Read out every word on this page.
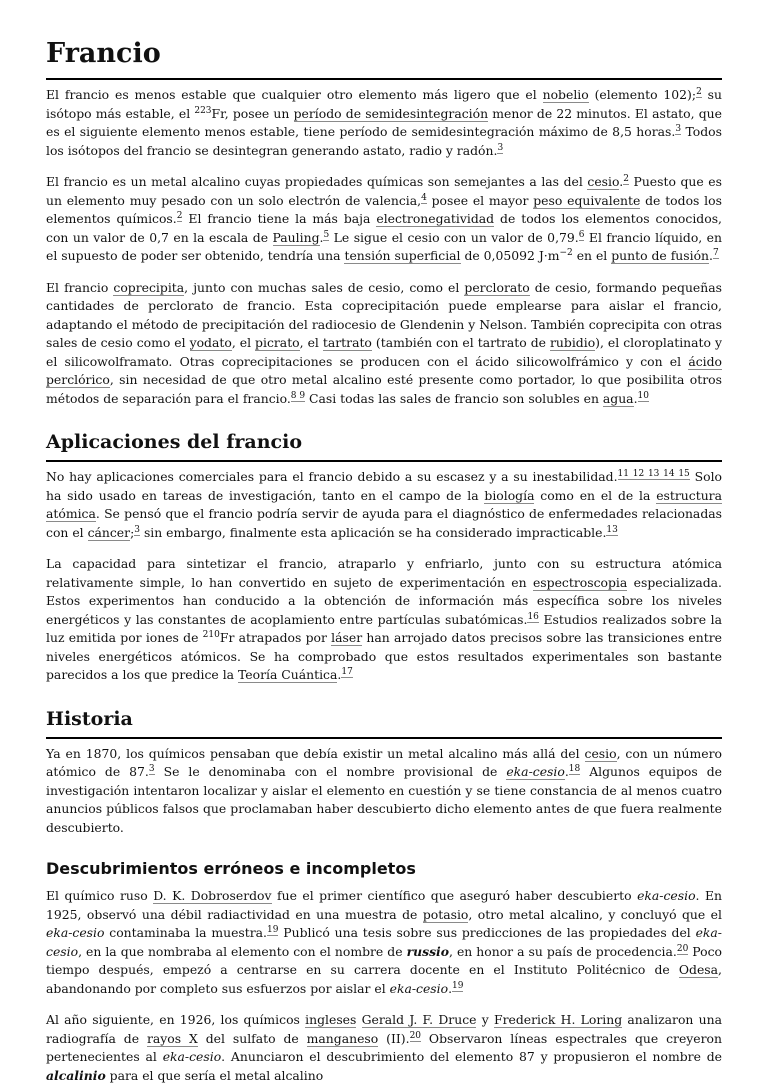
Francio

El francio es menos estable que cualquier otro elemento más ligero que el nobelio (elemento 102);$^2$ su isótopo más estable, el $^{223}$Fr, posee un período de semidesintegración menor de 22 minutos. El astato, que es el siguiente elemento menos estable, tiene período de semidesintegración máximo de 8,5 horas.$^3$ Todos los isótopos del francio se desintegran generando astato, radio y radón.$^3$

El francio es un metal alcalino cuyas propiedades químicas son semejantes a las del cesio.$^2$ Puesto que es un elemento muy pesado con un solo electrón de valencia,$^4$ posee el mayor peso equivalente de todos los elementos químicos.$^2$ El francio tiene la más baja electronegatividad de todos los elementos conocidos, con un valor de 0,7 en la escala de Pauling.$^5$ Le sigue el cesio con un valor de 0,79.$^6$ El francio líquido, en el supuesto de poder ser obtenido, tendría una tensión superficial de 0,05092 $J\cdot m^{-2}$ en el punto de fusión.$^7$

El francio coprecipita, junto con muchas sales de cesio, como el perclorato de cesio, formando pequeñas cantidades de perclorato de francio. Esta coprecipitación puede emplearse para aislar el francio, adaptando el método de precipitación del radiocesio de Glendenin y Nelson. También coprecipita con otras sales de cesio como el yodato, el picrato, el tartrato (también con el tartrato de rubidio), el cloroplatinato y el silicowolframato. Otras coprecipitaciones se producen con el ácido silicowolfrámico y con el ácido perclórico, sin necesidad de que otro metal alcalino esté presente como portador, lo que posibilita otros métodos de separación para el francio.$^{8 9}$ Casi todas las sales de francio son solubles en agua.$^{10}$

Aplicaciones del francio

No hay aplicaciones comerciales para el francio debido a su escasez y a su inestabilidad.$^{11 12 13 14 15}$ Solo ha sido usado en tareas de investigación, tanto en el campo de la biología como en el de la estructura atómica. Se pensó que el francio podría servir de ayuda para el diagnóstico de enfermedades relacionadas con el cáncer;$^3$ sin embargo, finalmente esta aplicación se ha considerado impracticable.$^{13}$

La capacidad para sintetizar el francio, atraparlo y enfriarlo, junto con su estructura atómica relativamente simple, lo han convertido en sujeto de experimentación en espectroscopia especializada. Estos experimentos han conducido a la obtención de información más específica sobre los niveles energéticos y las constantes de acoplamiento entre partículas subatómicas.$^{16}$ Estudios realizados sobre la luz emitida por iones de $^{210}$Fr atrapados por láser han arrojado datos precisos sobre las transiciones entre niveles energéticos atómicos. Se ha comprobado que estos resultados experimentales son bastante parecidos a los que predice la Teoría Cuántica.$^{17}$

Historia

Ya en 1870, los químicos pensaban que debía existir un metal alcalino más allá del cesio, con un número atómico de 87.$^3$ Se le denominaba con el nombre provisional de eka-cesio.$^{18}$ Algunos equipos de investigación intentaron localizar y aislar el elemento en cuestión y se tiene constancia de al menos cuatro anuncios públicos falsos que proclamaban haber descubierto dicho elemento antes de que fuera realmente descubierto.

Descubrimientos erróneos e incompletos

El químico ruso D. K. Dobroserdov fue el primer científico que aseguró haber descubierto eka-cesio. En 1925, observó una débil radiactividad en una muestra de potasio, otro metal alcalino, y concluyó que el eka-cesio contaminaba la muestra.$^{19}$ Publicó una tesis sobre sus predicciones de las propiedades del eka-cesio, en la que nombraba al elemento con el nombre de russio, en honor a su país de procedencia.$^{20}$ Poco tiempo después, empezó a centrarse en su carrera docente en el Instituto Politécnico de Odesa, abandonando por completo sus esfuerzos por aislar el eka-cesio.$^{19}$

Al año siguiente, en 1926, los químicos ingleses Gerald J. F. Druce y Frederick H. Loring analizaron una radiografía de rayos X del sulfato de manganeso (II).$^{20}$ Observaron líneas espectrales que creyeron pertenecientes al eka-cesio. Anunciaron el descubrimiento del elemento 87 y propusieron el nombre de alcalinio para el que sería el metal alcalino
